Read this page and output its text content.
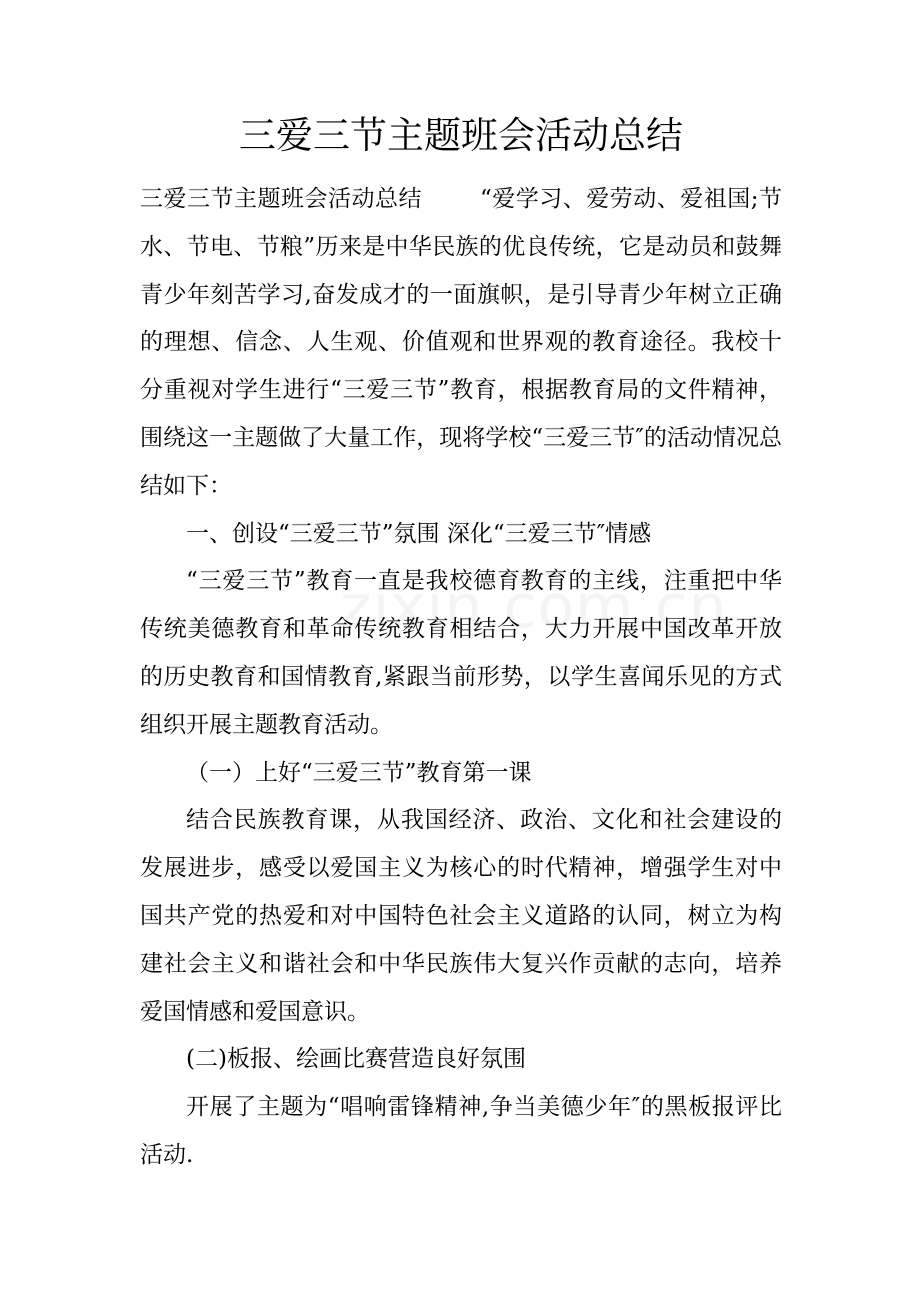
三爱三节主题班会活动总结

三爱三节主题班会活动总结	“爱学习、爱劳动、爱祖国;节水、节电、节粮”历来是中华民族的优良传统，它是动员和鼓舞青少年刻苦学习,奋发成才的一面旗帜，是引导青少年树立正确的理想、信念、人生观、价值观和世界观的教育途径。我校十分重视对学生进行“三爱三节”教育，根据教育局的文件精神，围绕这一主题做了大量工作，现将学校“三爱三节″的活动情况总结如下：

一、创设“三爱三节”氛围 深化“三爱三节″情感

“三爱三节”教育一直是我校德育教育的主线，注重把中华传统美德教育和革命传统教育相结合，大力开展中国改革开放的历史教育和国情教育,紧跟当前形势，以学生喜闻乐见的方式组织开展主题教育活动。

（一）上好“三爱三节”教育第一课

结合民族教育课，从我国经济、政治、文化和社会建设的发展进步，感受以爱国主义为核心的时代精神，增强学生对中国共产党的热爱和对中国特色社会主义道路的认同，树立为构建社会主义和谐社会和中华民族伟大复兴作贡献的志向，培养爱国情感和爱国意识。

(二)板报、绘画比赛营造良好氛围

开展了主题为“唱响雷锋精神,争当美德少年″的黑板报评比活动.
